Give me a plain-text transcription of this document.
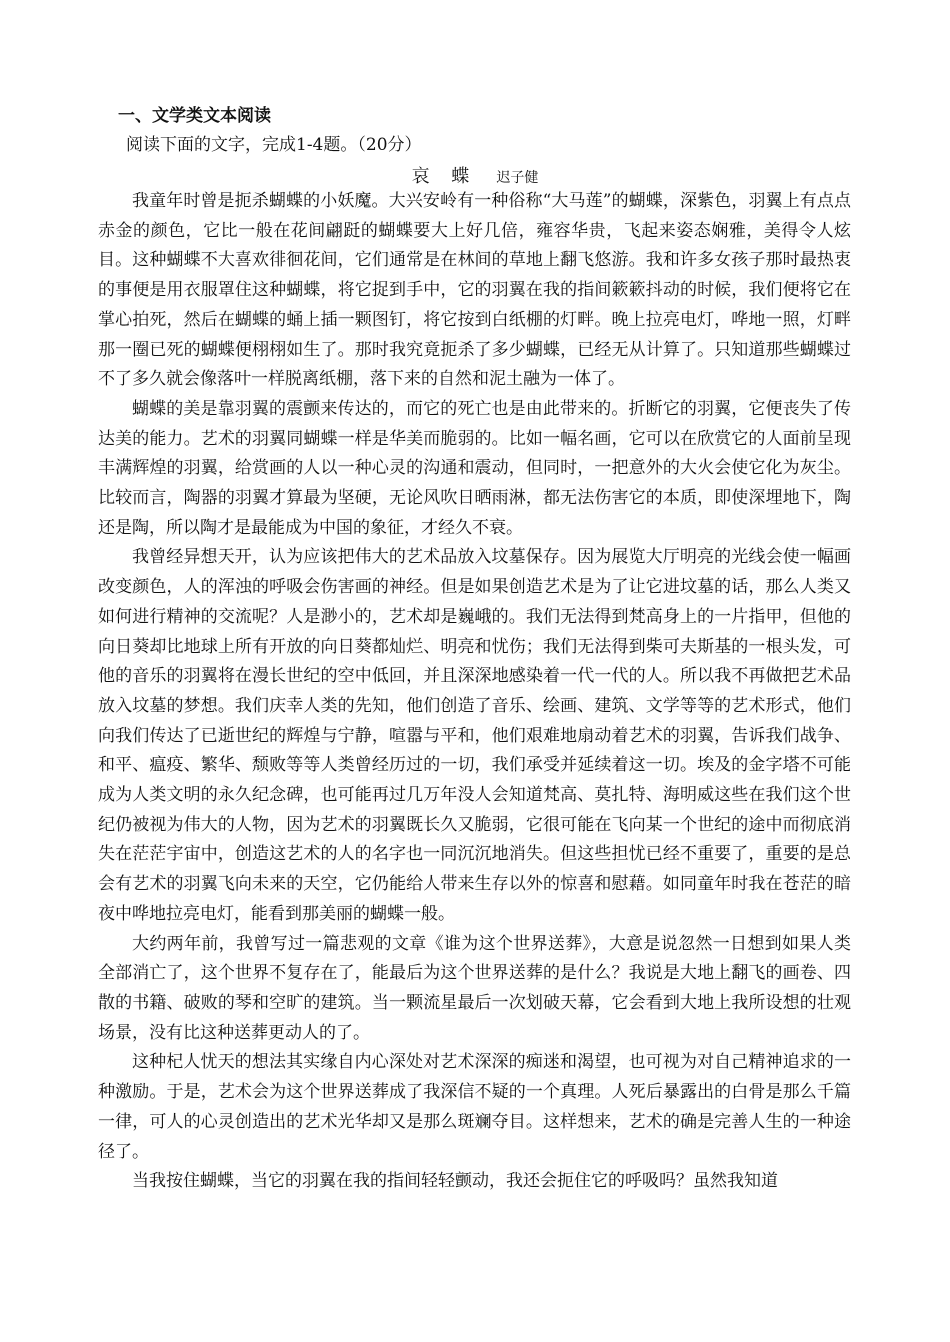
一、文学类文本阅读
阅读下面的文字，完成1-4题。（20分）
哀 蝶 迟子健

我童年时曾是扼杀蝴蝶的小妖魔。大兴安岭有一种俗称“大马莲”的蝴蝶，深紫色，羽翼上有点点赤金的颜色，它比一般在花间翩跹的蝴蝶要大上好几倍，雍容华贵，飞起来姿态娴雅，美得令人炫目。这种蝴蝶不大喜欢徘徊花间，它们通常是在林间的草地上翻飞悠游。我和许多女孩子那时最热衷的事便是用衣服罩住这种蝴蝶，将它捉到手中，它的羽翼在我的指间簌簌抖动的时候，我们便将它在掌心拍死，然后在蝴蝶的蛹上插一颗图钉，将它按到白纸棚的灯畔。晚上拉亮电灯，哗地一照，灯畔那一圈已死的蝴蝶便栩栩如生了。那时我究竟扼杀了多少蝴蝶，已经无从计算了。只知道那些蝴蝶过不了多久就会像落叶一样脱离纸棚，落下来的自然和泥土融为一体了。

蝴蝶的美是靠羽翼的震颤来传达的，而它的死亡也是由此带来的。折断它的羽翼，它便丧失了传达美的能力。艺术的羽翼同蝴蝶一样是华美而脆弱的。比如一幅名画，它可以在欣赏它的人面前呈现丰满辉煌的羽翼，给赏画的人以一种心灵的沟通和震动，但同时，一把意外的大火会使它化为灰尘。比较而言，陶器的羽翼才算最为坚硬，无论风吹日晒雨淋，都无法伤害它的本质，即使深埋地下，陶还是陶，所以陶才是最能成为中国的象征，才经久不衰。

我曾经异想天开，认为应该把伟大的艺术品放入坟墓保存。因为展览大厅明亮的光线会使一幅画改变颜色，人的浑浊的呼吸会伤害画的神经。但是如果创造艺术是为了让它进坟墓的话，那么人类又如何进行精神的交流呢？人是渺小的，艺术却是巍峨的。我们无法得到梵高身上的一片指甲，但他的向日葵却比地球上所有开放的向日葵都灿烂、明亮和忧伤；我们无法得到柴可夫斯基的一根头发，可他的音乐的羽翼将在漫长世纪的空中低回，并且深深地感染着一代一代的人。所以我不再做把艺术品放入坟墓的梦想。我们庆幸人类的先知，他们创造了音乐、绘画、建筑、文学等等的艺术形式，他们向我们传达了已逝世纪的辉煌与宁静，喧嚣与平和，他们艰难地扇动着艺术的羽翼，告诉我们战争、和平、瘟疫、繁华、颓败等等人类曾经历过的一切，我们承受并延续着这一切。埃及的金字塔不可能成为人类文明的永久纪念碑，也可能再过几万年没人会知道梵高、莫扎特、海明威这些在我们这个世纪仍被视为伟大的人物，因为艺术的羽翼既长久又脆弱，它很可能在飞向某一个世纪的途中而彻底消失在茫茫宇宙中，创造这艺术的人的名字也一同沉沉地消失。但这些担忧已经不重要了，重要的是总会有艺术的羽翼飞向未来的天空，它仍能给人带来生存以外的惊喜和慰藉。如同童年时我在苍茫的暗夜中哗地拉亮电灯，能看到那美丽的蝴蝶一般。

大约两年前，我曾写过一篇悲观的文章《谁为这个世界送葬》，大意是说忽然一日想到如果人类全部消亡了，这个世界不复存在了，能最后为这个世界送葬的是什么？我说是大地上翻飞的画卷、四散的书籍、破败的琴和空旷的建筑。当一颗流星最后一次划破天幕，它会看到大地上我所设想的壮观场景，没有比这种送葬更动人的了。

这种杞人忧天的想法其实缘自内心深处对艺术深深的痴迷和渴望，也可视为对自己精神追求的一种激励。于是，艺术会为这个世界送葬成了我深信不疑的一个真理。人死后暴露出的白骨是那么千篇一律，可人的心灵创造出的艺术光华却又是那么斑斓夺目。这样想来，艺术的确是完善人生的一种途径了。

当我按住蝴蝶，当它的羽翼在我的指间轻轻颤动，我还会扼住它的呼吸吗？虽然我知道
